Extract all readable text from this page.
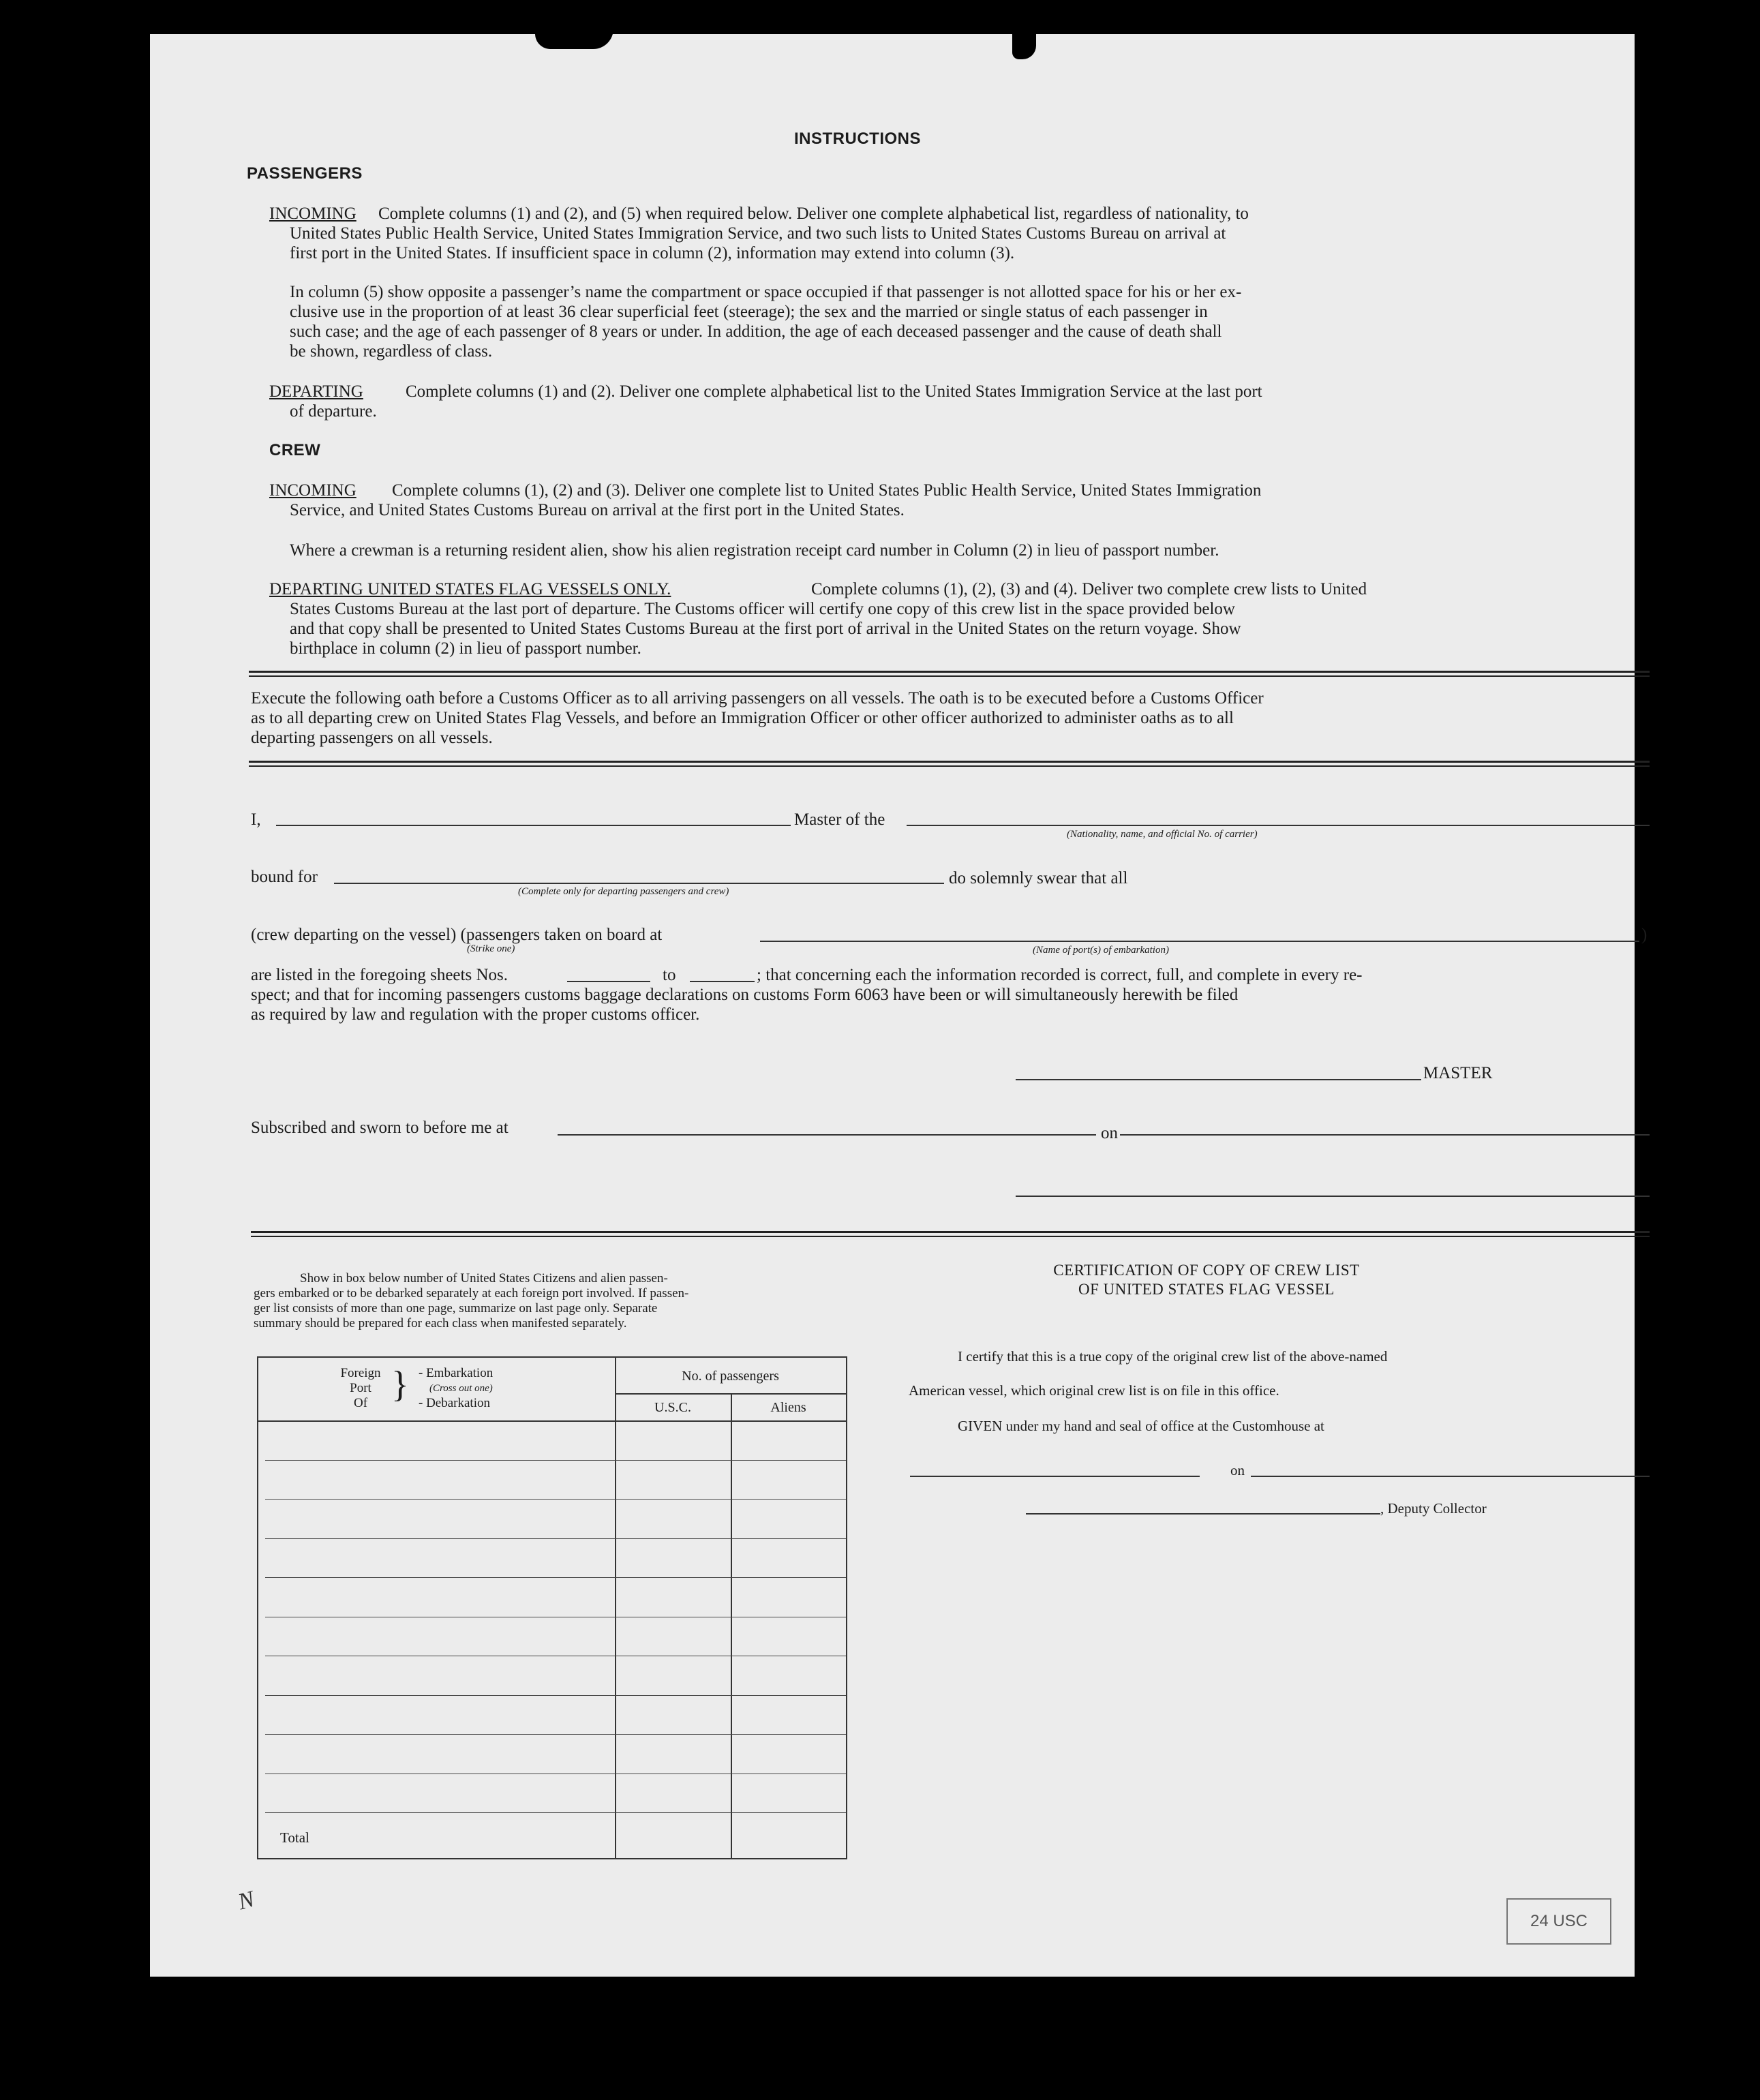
INSTRUCTIONS
PASSENGERS
INCOMING Complete columns (1) and (2), and (5) when required below. Deliver one complete alphabetical list, regardless of nationality, to
United States Public Health Service, United States Immigration Service, and two such lists to United States Customs Bureau on arrival at
first port in the United States. If insufficient space in column (2), information may extend into column (3).
In column (5) show opposite a passenger’s name the compartment or space occupied if that passenger is not allotted space for his or her ex-
clusive use in the proportion of at least 36 clear superficial feet (steerage); the sex and the married or single status of each passenger in
such case; and the age of each passenger of 8 years or under. In addition, the age of each deceased passenger and the cause of death shall
be shown, regardless of class.
DEPARTING Complete columns (1) and (2). Deliver one complete alphabetical list to the United States Immigration Service at the last port
of departure.
CREW
INCOMING Complete columns (1), (2) and (3). Deliver one complete list to United States Public Health Service, United States Immigration
Service, and United States Customs Bureau on arrival at the first port in the United States.
Where a crewman is a returning resident alien, show his alien registration receipt card number in Column (2) in lieu of passport number.
DEPARTING UNITED STATES FLAG VESSELS ONLY.	Complete columns (1), (2), (3) and (4). Deliver two complete crew lists to United
States Customs Bureau at the last port of departure. The Customs officer will certify one copy of this crew list in the space provided below
and that copy shall be presented to United States Customs Bureau at the first port of arrival in the United States on the return voyage. Show
birthplace in column (2) in lieu of passport number.
Execute the following oath before a Customs Officer as to all arriving passengers on all vessels. The oath is to be executed before a Customs Officer
as to all departing crew on United States Flag Vessels, and before an Immigration Officer or other officer authorized to administer oaths as to all
departing passengers on all vessels.
I,	Master of the
(Nationality, name, and official No. of carrier)
bound for
(Complete only for departing passengers and crew)
do solemnly swear that all
(crew departing on the vessel) (passengers taken on board at
(Strike one)	(Name of port(s) of embarkation)
)
are listed in the foregoing sheets Nos.	to	; that concerning each the information recorded is correct, full, and complete in every re-
spect; and that for incoming passengers customs baggage declarations on customs Form 6063 have been or will simultaneously herewith be filed
as required by law and regulation with the proper customs officer.
MASTER
Subscribed and sworn to before me at	on
Show in box below number of United States Citizens and alien passen-
gers embarked or to be debarked separately at each foreign port involved. If passen-
ger list consists of more than one page, summarize on last page only. Separate
summary should be prepared for each class when manifested separately.
Foreign
Port
Of } - Embarkation
(Cross out one)
- Debarkation
No. of passengers
U.S.C.	Aliens
Total
CERTIFICATION OF COPY OF CREW LIST
OF UNITED STATES FLAG VESSEL
I certify that this is a true copy of the original crew list of the above-named
American vessel, which original crew list is on file in this office.
GIVEN under my hand and seal of office at the Customhouse at
on
, Deputy Collector
N
24 USC
